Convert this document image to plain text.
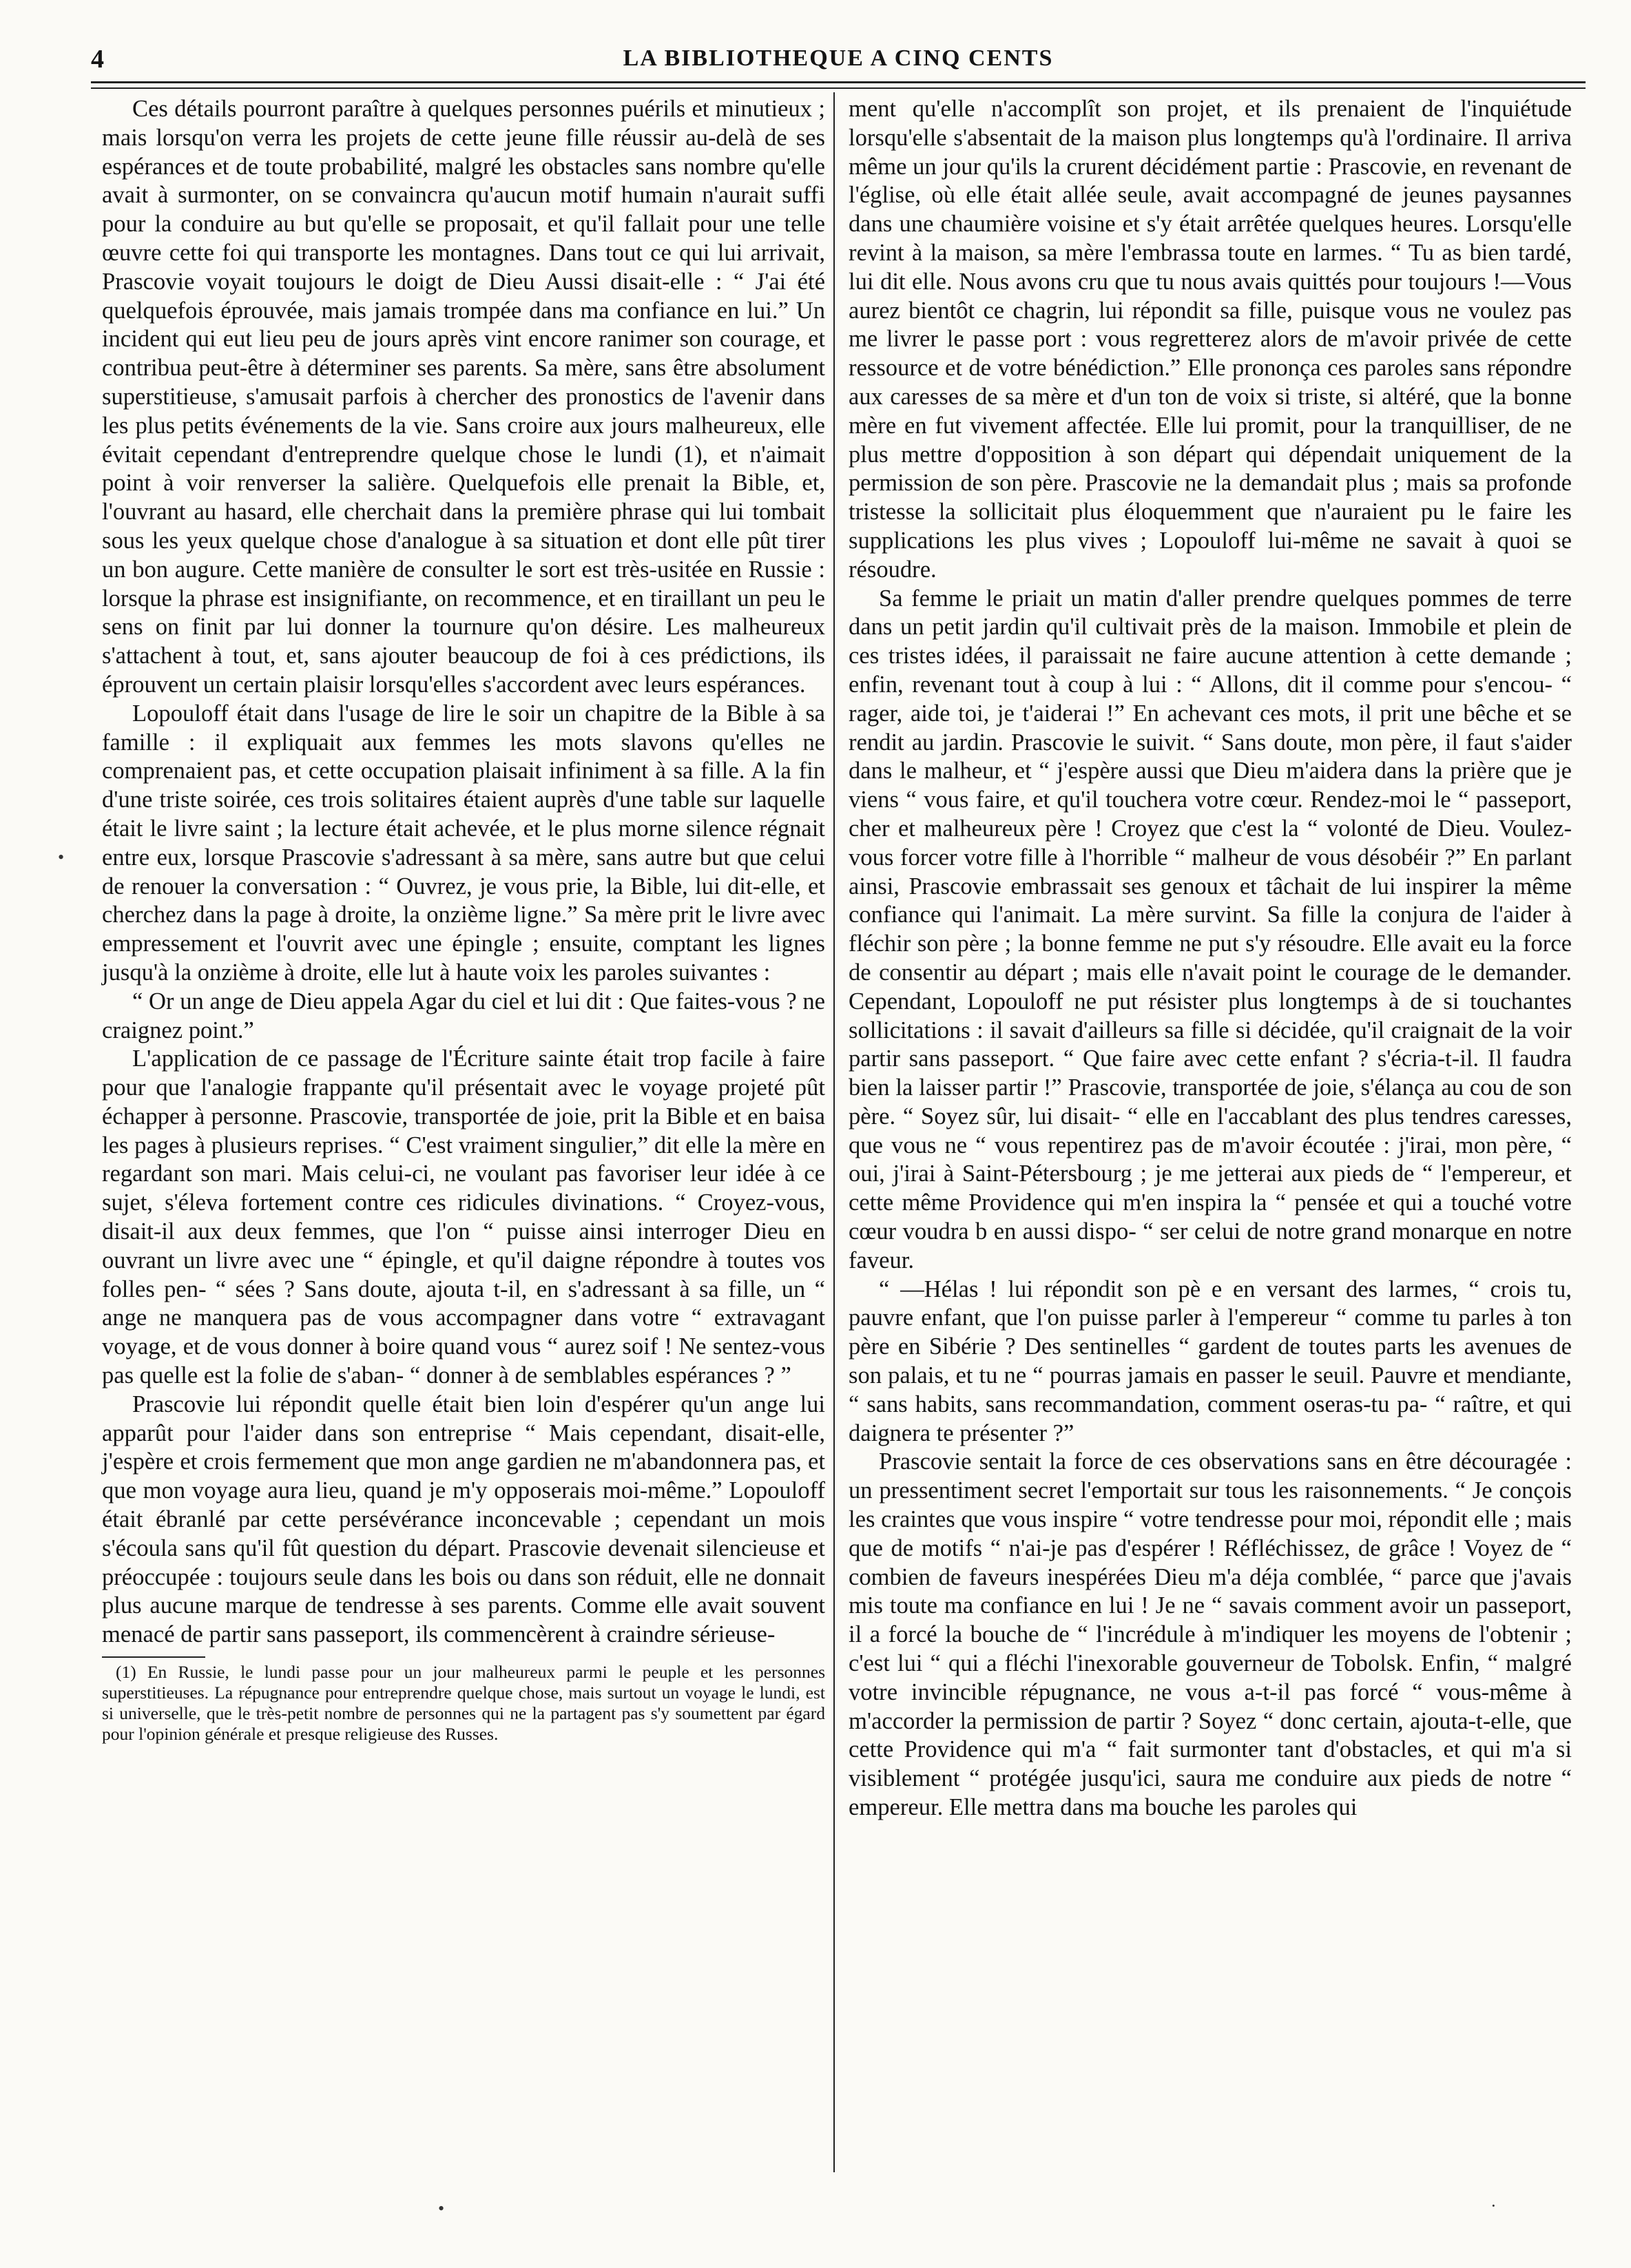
4	LA BIBLIOTHEQUE A CINQ CENTS

Ces détails pourront paraître à quelques personnes puérils et minutieux ; mais lorsqu'on verra les projets de cette jeune fille réussir au-delà de ses espérances et de toute probabilité, malgré les obstacles sans nombre qu'elle avait à surmonter, on se convaincra qu'aucun motif humain n'aurait suffi pour la conduire au but qu'elle se proposait, et qu'il fallait pour une telle œuvre cette foi qui transporte les montagnes. Dans tout ce qui lui arrivait, Prascovie voyait toujours le doigt de Dieu Aussi disait-elle : “ J'ai été quelquefois éprouvée, mais jamais trompée dans ma confiance en lui.” Un incident qui eut lieu peu de jours après vint encore ranimer son courage, et contribua peut-être à déterminer ses parents. Sa mère, sans être absolument superstitieuse, s'amusait parfois à chercher des pronostics de l'avenir dans les plus petits événements de la vie. Sans croire aux jours malheureux, elle évitait cependant d'entreprendre quelque chose le lundi (1), et n'aimait point à voir renverser la salière. Quelquefois elle prenait la Bible, et, l'ouvrant au hasard, elle cherchait dans la première phrase qui lui tombait sous les yeux quelque chose d'analogue à sa situation et dont elle pût tirer un bon augure. Cette manière de consulter le sort est très-usitée en Russie : lorsque la phrase est insignifiante, on recommence, et en tiraillant un peu le sens on finit par lui donner la tournure qu'on désire. Les malheureux s'attachent à tout, et, sans ajouter beaucoup de foi à ces prédictions, ils éprouvent un certain plaisir lorsqu'elles s'accordent avec leurs espérances.

Lopouloff était dans l'usage de lire le soir un chapitre de la Bible à sa famille : il expliquait aux femmes les mots slavons qu'elles ne comprenaient pas, et cette occupation plaisait infiniment à sa fille. A la fin d'une triste soirée, ces trois solitaires étaient auprès d'une table sur laquelle était le livre saint ; la lecture était achevée, et le plus morne silence régnait entre eux, lorsque Prascovie s'adressant à sa mère, sans autre but que celui de renouer la conversation : “ Ouvrez, je vous prie, la Bible, lui dit-elle, et cherchez dans la page à droite, la onzième ligne.” Sa mère prit le livre avec empressement et l'ouvrit avec une épingle ; ensuite, comptant les lignes jusqu'à la onzième à droite, elle lut à haute voix les paroles suivantes :

“ Or un ange de Dieu appela Agar du ciel et lui dit : Que faites-vous ? ne craignez point.”

L'application de ce passage de l'Écriture sainte était trop facile à faire pour que l'analogie frappante qu'il présentait avec le voyage projeté pût échapper à personne. Prascovie, transportée de joie, prit la Bible et en baisa les pages à plusieurs reprises. “ C'est vraiment singulier,” dit elle la mère en regardant son mari. Mais celui-ci, ne voulant pas favoriser leur idée à ce sujet, s'éleva fortement contre ces ridicules divinations. “ Croyez-vous, disait-il aux deux femmes, que l'on “ puisse ainsi interroger Dieu en ouvrant un livre avec une “ épingle, et qu'il daigne répondre à toutes vos folles pen- “ sées ? Sans doute, ajouta t-il, en s'adressant à sa fille, un “ ange ne manquera pas de vous accompagner dans votre “ extravagant voyage, et de vous donner à boire quand vous “ aurez soif ! Ne sentez-vous pas quelle est la folie de s'aban- “ donner à de semblables espérances ? ”

Prascovie lui répondit quelle était bien loin d'espérer qu'un ange lui apparût pour l'aider dans son entreprise “ Mais cependant, disait-elle, j'espère et crois fermement que mon ange gardien ne m'abandonnera pas, et que mon voyage aura lieu, quand je m'y opposerais moi-même.” Lopouloff était ébranlé par cette persévérance inconcevable ; cependant un mois s'écoula sans qu'il fût question du départ. Prascovie devenait silencieuse et préoccupée : toujours seule dans les bois ou dans son réduit, elle ne donnait plus aucune marque de tendresse à ses parents. Comme elle avait souvent menacé de partir sans passeport, ils commencèrent à craindre sérieuse-

(1) En Russie, le lundi passe pour un jour malheureux parmi le peuple et les personnes superstitieuses. La répugnance pour entreprendre quelque chose, mais surtout un voyage le lundi, est si universelle, que le très-petit nombre de personnes qui ne la partagent pas s'y soumettent par égard pour l'opinion générale et presque religieuse des Russes.

ment qu'elle n'accomplît son projet, et ils prenaient de l'inquiétude lorsqu'elle s'absentait de la maison plus longtemps qu'à l'ordinaire. Il arriva même un jour qu'ils la crurent décidément partie : Prascovie, en revenant de l'église, où elle était allée seule, avait accompagné de jeunes paysannes dans une chaumière voisine et s'y était arrêtée quelques heures. Lorsqu'elle revint à la maison, sa mère l'embrassa toute en larmes. “ Tu as bien tardé, lui dit elle. Nous avons cru que tu nous avais quittés pour toujours !—Vous aurez bientôt ce chagrin, lui répondit sa fille, puisque vous ne voulez pas me livrer le passe port : vous regretterez alors de m'avoir privée de cette ressource et de votre bénédiction.” Elle prononça ces paroles sans répondre aux caresses de sa mère et d'un ton de voix si triste, si altéré, que la bonne mère en fut vivement affectée. Elle lui promit, pour la tranquilliser, de ne plus mettre d'opposition à son départ qui dépendait uniquement de la permission de son père. Prascovie ne la demandait plus ; mais sa profonde tristesse la sollicitait plus éloquemment que n'auraient pu le faire les supplications les plus vives ; Lopouloff lui-même ne savait à quoi se résoudre.

Sa femme le priait un matin d'aller prendre quelques pommes de terre dans un petit jardin qu'il cultivait près de la maison. Immobile et plein de ces tristes idées, il paraissait ne faire aucune attention à cette demande ; enfin, revenant tout à coup à lui : “ Allons, dit il comme pour s'encou- “ rager, aide toi, je t'aiderai !” En achevant ces mots, il prit une bêche et se rendit au jardin. Prascovie le suivit. “ Sans doute, mon père, il faut s'aider dans le malheur, et “ j'espère aussi que Dieu m'aidera dans la prière que je viens “ vous faire, et qu'il touchera votre cœur. Rendez-moi le “ passeport, cher et malheureux père ! Croyez que c'est la “ volonté de Dieu. Voulez-vous forcer votre fille à l'horrible “ malheur de vous désobéir ?” En parlant ainsi, Prascovie embrassait ses genoux et tâchait de lui inspirer la même confiance qui l'animait. La mère survint. Sa fille la conjura de l'aider à fléchir son père ; la bonne femme ne put s'y résoudre. Elle avait eu la force de consentir au départ ; mais elle n'avait point le courage de le demander. Cependant, Lopouloff ne put résister plus longtemps à de si touchantes sollicitations : il savait d'ailleurs sa fille si décidée, qu'il craignait de la voir partir sans passeport. “ Que faire avec cette enfant ? s'écria-t-il. Il faudra bien la laisser partir !” Prascovie, transportée de joie, s'élança au cou de son père. “ Soyez sûr, lui disait- “ elle en l'accablant des plus tendres caresses, que vous ne “ vous repentirez pas de m'avoir écoutée : j'irai, mon père, “ oui, j'irai à Saint-Pétersbourg ; je me jetterai aux pieds de “ l'empereur, et cette même Providence qui m'en inspira la “ pensée et qui a touché votre cœur voudra b en aussi dispo- “ ser celui de notre grand monarque en notre faveur.

“ —Hélas ! lui répondit son pè e en versant des larmes, “ crois tu, pauvre enfant, que l'on puisse parler à l'empereur “ comme tu parles à ton père en Sibérie ? Des sentinelles “ gardent de toutes parts les avenues de son palais, et tu ne “ pourras jamais en passer le seuil. Pauvre et mendiante, “ sans habits, sans recommandation, comment oseras-tu pa- “ raître, et qui daignera te présenter ?”

Prascovie sentait la force de ces observations sans en être découragée : un pressentiment secret l'emportait sur tous les raisonnements. “ Je conçois les craintes que vous inspire “ votre tendresse pour moi, répondit elle ; mais que de motifs “ n'ai-je pas d'espérer ! Réfléchissez, de grâce ! Voyez de “ combien de faveurs inespérées Dieu m'a déja comblée, “ parce que j'avais mis toute ma confiance en lui ! Je ne “ savais comment avoir un passeport, il a forcé la bouche de “ l'incrédule à m'indiquer les moyens de l'obtenir ; c'est lui “ qui a fléchi l'inexorable gouverneur de Tobolsk. Enfin, “ malgré votre invincible répugnance, ne vous a-t-il pas forcé “ vous-même à m'accorder la permission de partir ? Soyez “ donc certain, ajouta-t-elle, que cette Providence qui m'a “ fait surmonter tant d'obstacles, et qui m'a si visiblement “ protégée jusqu'ici, saura me conduire aux pieds de notre “ empereur. Elle mettra dans ma bouche les paroles qui

•
•	·
